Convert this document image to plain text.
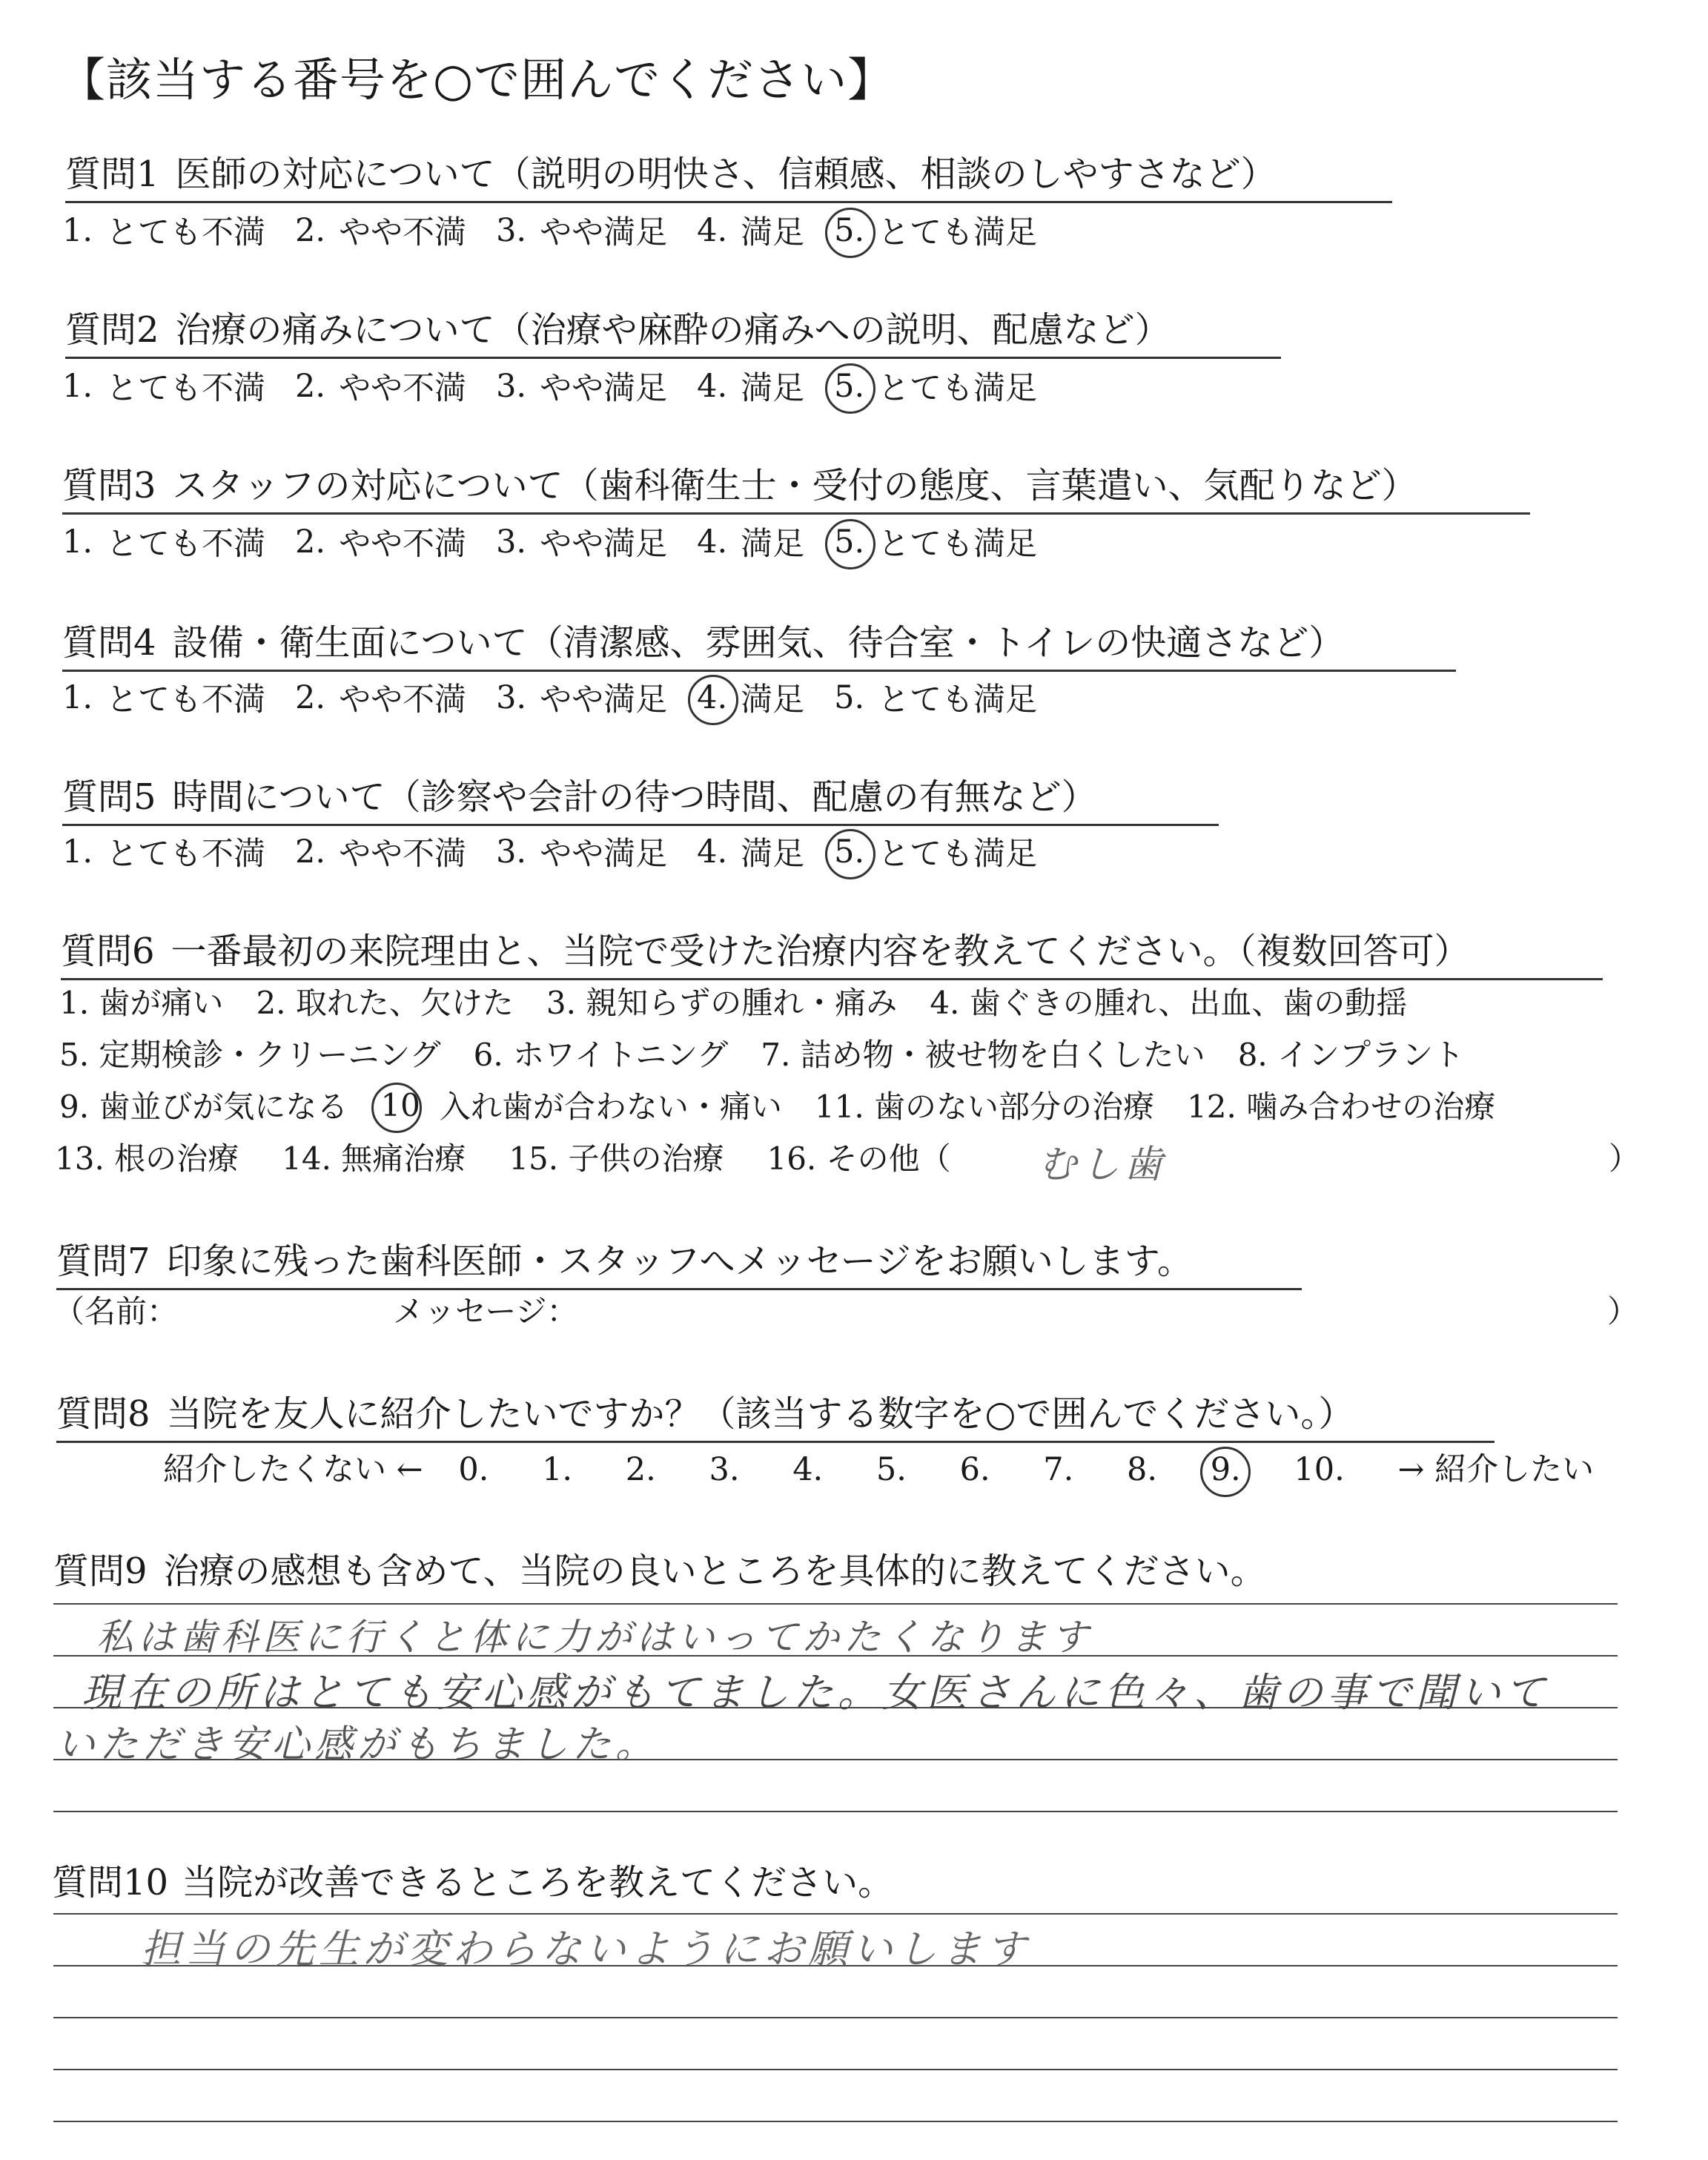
【該当する番号を○で囲んでください】
質問1 医師の対応について（説明の明快さ、信頼感、相談のしやすさなど）
1. とても不満 2. やや不満 3. やや満足 4. 満足 5. とても満足
質問2 治療の痛みについて（治療や麻酔の痛みへの説明、配慮など）
1. とても不満 2. やや不満 3. やや満足 4. 満足 5. とても満足
質問3 スタッフの対応について（歯科衛生士・受付の態度、言葉遣い、気配りなど）
1. とても不満 2. やや不満 3. やや満足 4. 満足 5. とても満足
質問4 設備・衛生面について（清潔感、雰囲気、待合室・トイレの快適さなど）
1. とても不満 2. やや不満 3. やや満足 4. 満足 5. とても満足
質問5 時間について（診察や会計の待つ時間、配慮の有無など）
1. とても不満 2. やや不満 3. やや満足 4. 満足 5. とても満足
質問6 一番最初の来院理由と、当院で受けた治療内容を教えてください。（複数回答可）
1. 歯が痛い 2. 取れた、欠けた 3. 親知らずの腫れ・痛み 4. 歯ぐきの腫れ、出血、歯の動揺
5. 定期検診・クリーニング 6. ホワイトニング 7. 詰め物・被せ物を白くしたい 8. インプラント
9. 歯並びが気になる 10 入れ歯が合わない・痛い 11. 歯のない部分の治療 12. 噛み合わせの治療
13. 根の治療 14. 無痛治療 15. 子供の治療 16. その他（ むし歯	）
質問7 印象に残った歯科医師・スタッフへメッセージをお願いします。
（名前：	メッセージ：	）
質問8 当院を友人に紹介したいですか？（該当する数字を○で囲んでください。）
紹介したくない ← 0. 1. 2. 3. 4. 5. 6. 7. 8. 9. 10. → 紹介したい
質問9 治療の感想も含めて、当院の良いところを具体的に教えてください。
私は歯科医に行くと体に力がはいってかたくなります
現在の所はとても安心感がもてました。女医さんに色々、歯の事で聞いて
いただき安心感がもちました。
質問10 当院が改善できるところを教えてください。
担当の先生が変わらないようにお願いします
